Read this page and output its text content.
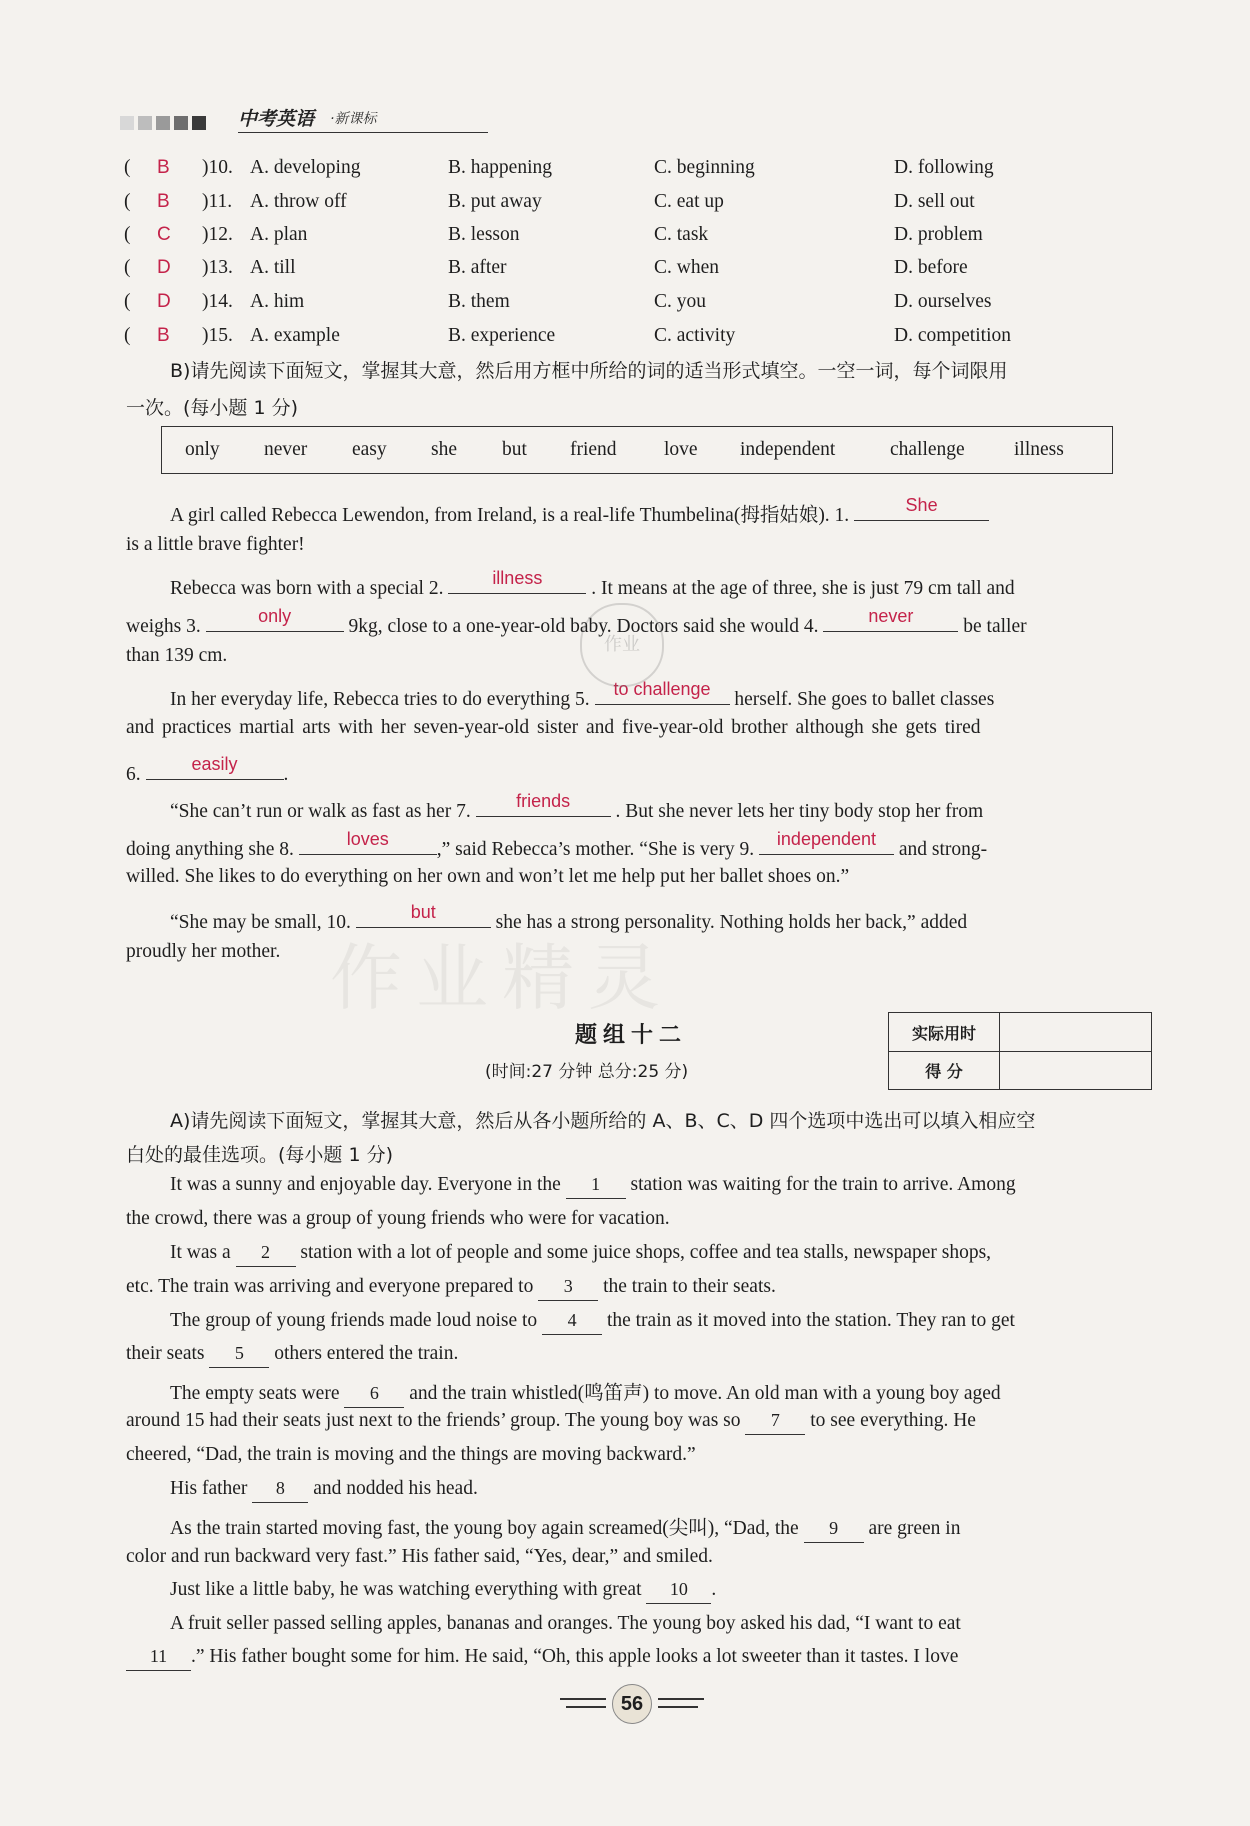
中考英语 ·新课标
( B )10. A. developing	B. happening	C. beginning	D. following
( B )11. A. throw off	B. put away	C. eat up	D. sell out
( C )12. A. plan	B. lesson	C. task	D. problem
( D )13. A. till	B. after	C. when	D. before
( D )14. A. him	B. them	C. you	D. ourselves
( B )15. A. example	B. experience	C. activity	D. competition
B)请先阅读下面短文，掌握其大意，然后用方框中所给的词的适当形式填空。一空一词，每个词限用
一次。(每小题 1 分)
only never easy she but friend love independent	challenge	illness
A girl called Rebecca Lewendon, from Ireland, is a real-life Thumbelina(拇指姑娘). 1.	She
is a little brave fighter!
Rebecca was born with a special 2.	illness	. It means at the age of three, she is just 79 cm tall and
weighs 3.	only	9kg, close to a one-year-old baby. Doctors said she would 4.	never	be taller
than 139 cm.
In her everyday life, Rebecca tries to do everything 5.	to challenge	herself. She goes to ballet classes
and practices martial arts with her seven-year-old sister and five-year-old brother although she gets tired
6.	easily	.
“She can’t run or walk as fast as her 7.	friends	. But she never lets her tiny body stop her from
doing anything she 8.	loves	,” said Rebecca’s mother. “She is very 9.	independent	and strong-
willed. She likes to do everything on her own and won’t let me help put her ballet shoes on.”
“She may be small, 10.	but	she has a strong personality. Nothing holds her back,” added
proudly her mother.
题组十二
(时间:27 分钟 总分:25 分)
实际用时
得 分
A)请先阅读下面短文，掌握其大意，然后从各小题所给的 A、B、C、D 四个选项中选出可以填入相应空
白处的最佳选项。(每小题 1 分)
It was a sunny and enjoyable day. Everyone in the 1 station was waiting for the train to arrive. Among
the crowd, there was a group of young friends who were for vacation.
It was a 2 station with a lot of people and some juice shops, coffee and tea stalls, newspaper shops,
etc. The train was arriving and everyone prepared to 3 the train to their seats.
The group of young friends made loud noise to 4 the train as it moved into the station. They ran to get
their seats 5 others entered the train.
The empty seats were 6 and the train whistled(鸣笛声) to move. An old man with a young boy aged
around 15 had their seats just next to the friends’ group. The young boy was so 7 to see everything. He
cheered, “Dad, the train is moving and the things are moving backward.”
His father 8 and nodded his head.
As the train started moving fast, the young boy again screamed(尖叫), “Dad, the 9 are green in
color and run backward very fast.” His father said, “Yes, dear,” and smiled.
Just like a little baby, he was watching everything with great 10 .
A fruit seller passed selling apples, bananas and oranges. The young boy asked his dad, “I want to eat
11 .” His father bought some for him. He said, “Oh, this apple looks a lot sweeter than it tastes. I love
作业精灵
作业
56
